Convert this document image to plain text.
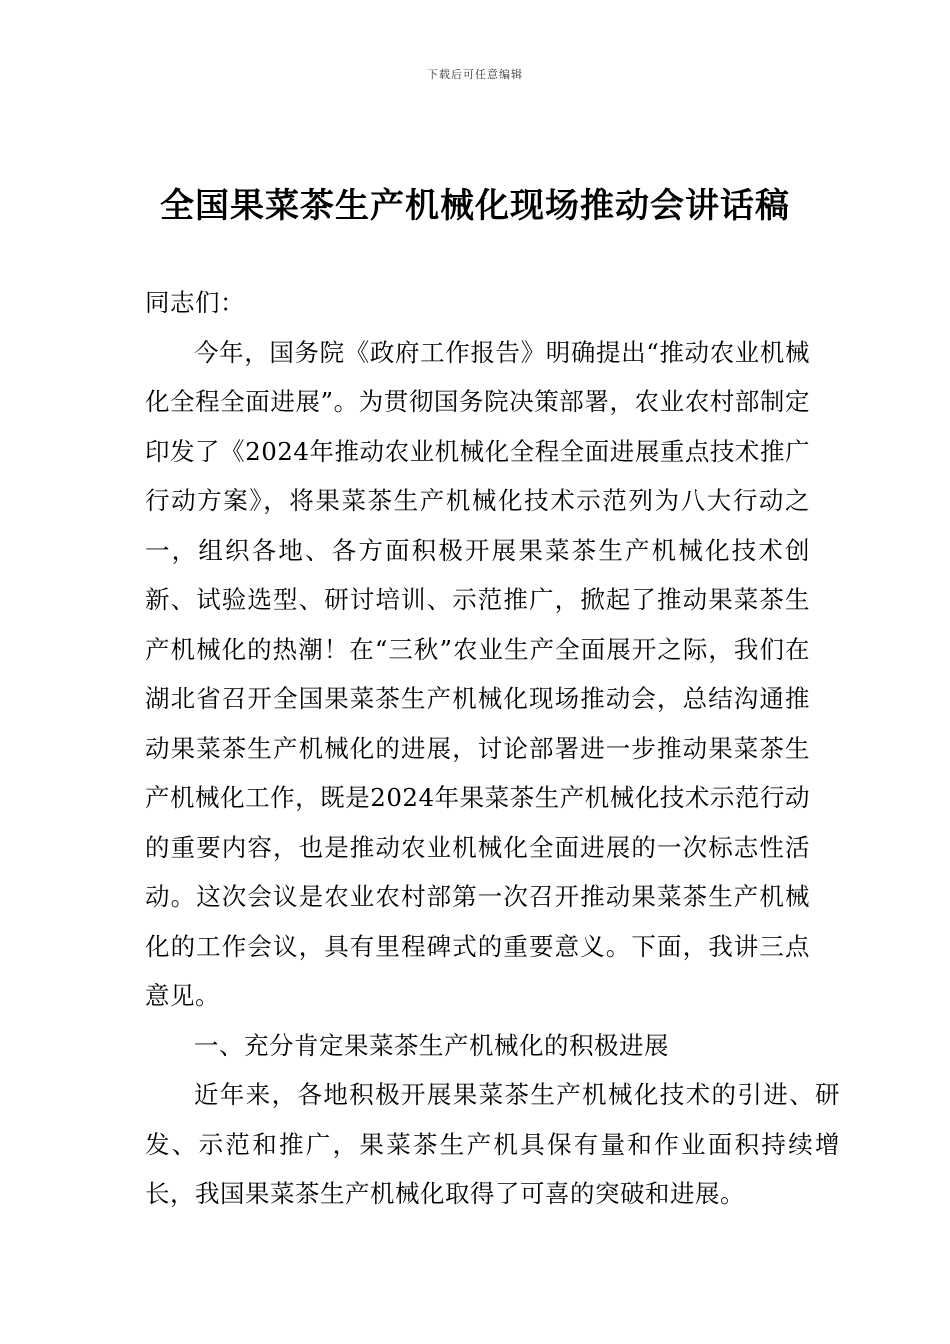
下载后可任意编辑
全国果菜茶生产机械化现场推动会讲话稿

同志们：

今年，国务院《政府工作报告》明确提出“推动农业机械化全程全面进展”。为贯彻国务院决策部署，农业农村部制定印发了《2024年推动农业机械化全程全面进展重点技术推广行动方案》，将果菜茶生产机械化技术示范列为八大行动之一，组织各地、各方面积极开展果菜茶生产机械化技术创新、试验选型、研讨培训、示范推广，掀起了推动果菜茶生产机械化的热潮！在“三秋”农业生产全面展开之际，我们在湖北省召开全国果菜茶生产机械化现场推动会，总结沟通推动果菜茶生产机械化的进展，讨论部署进一步推动果菜茶生产机械化工作，既是2024年果菜茶生产机械化技术示范行动的重要内容，也是推动农业机械化全面进展的一次标志性活动。这次会议是农业农村部第一次召开推动果菜茶生产机械化的工作会议，具有里程碑式的重要意义。下面，我讲三点意见。

一、充分肯定果菜茶生产机械化的积极进展

近年来，各地积极开展果菜茶生产机械化技术的引进、研发、示范和推广，果菜茶生产机具保有量和作业面积持续增长，我国果菜茶生产机械化取得了可喜的突破和进展。
